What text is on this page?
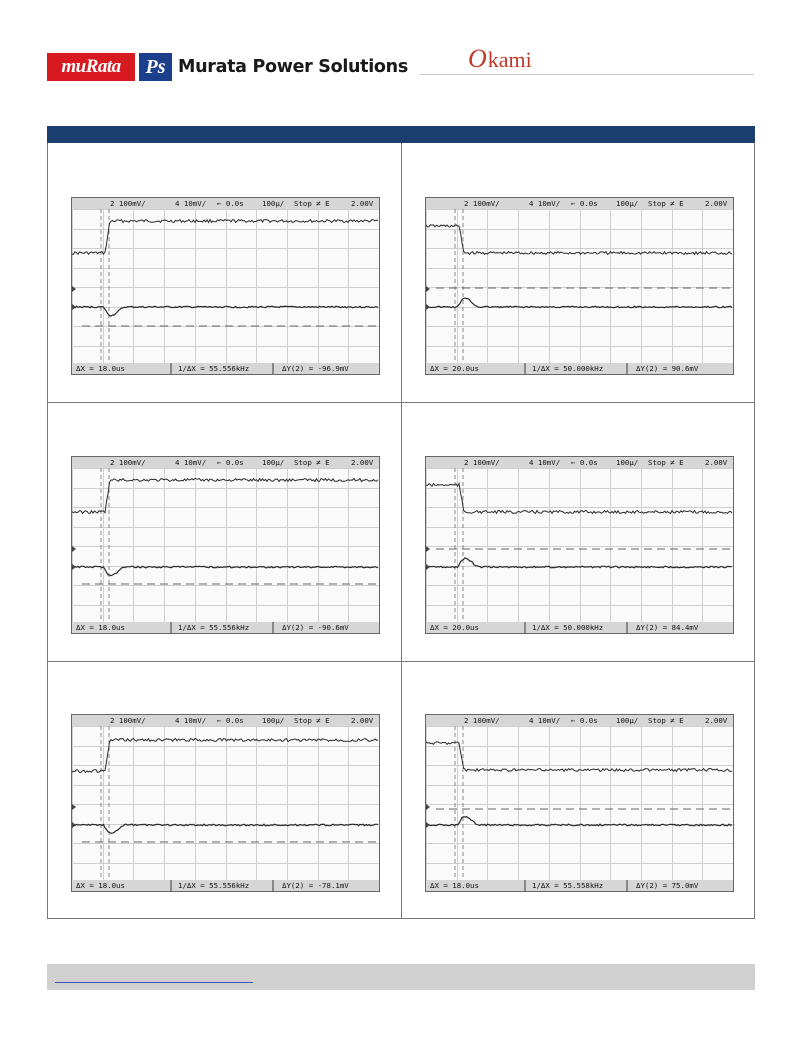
muRata	Ps Murata Power Solutions O kami
2 100mV/	4 10mV/ ← 0.0s 100µ/ Stop ≠ E	2.00V
ΔX = 18.0us	1/ΔX = 55.556kHz	ΔY(2) = -96.9mV
2 100mV/	4 10mV/ ← 0.0s 100µ/ Stop ≠ E	2.00V
ΔX = 20.0us	1/ΔX = 50.000kHz	ΔY(2) = 90.6mV
2 100mV/	4 10mV/ ← 0.0s 100µ/ Stop ≠ E	2.00V
ΔX = 18.0us	1/ΔX = 55.556kHz	ΔY(2) = -90.6mV
2 100mV/	4 10mV/ ← 0.0s 100µ/ Stop ≠ E	2.00V
ΔX = 20.0us	1/ΔX = 50.000kHz	ΔY(2) = 84.4mV
2 100mV/	4 10mV/ ← 0.0s 100µ/ Stop ≠ E	2.00V
ΔX = 18.0us	1/ΔX = 55.556kHz	ΔY(2) = -78.1mV
2 100mV/	4 10mV/ ← 0.0s 100µ/ Stop ≠ E	2.00V
ΔX = 18.0us	1/ΔX = 55.558kHz	ΔY(2) = 75.0mV
